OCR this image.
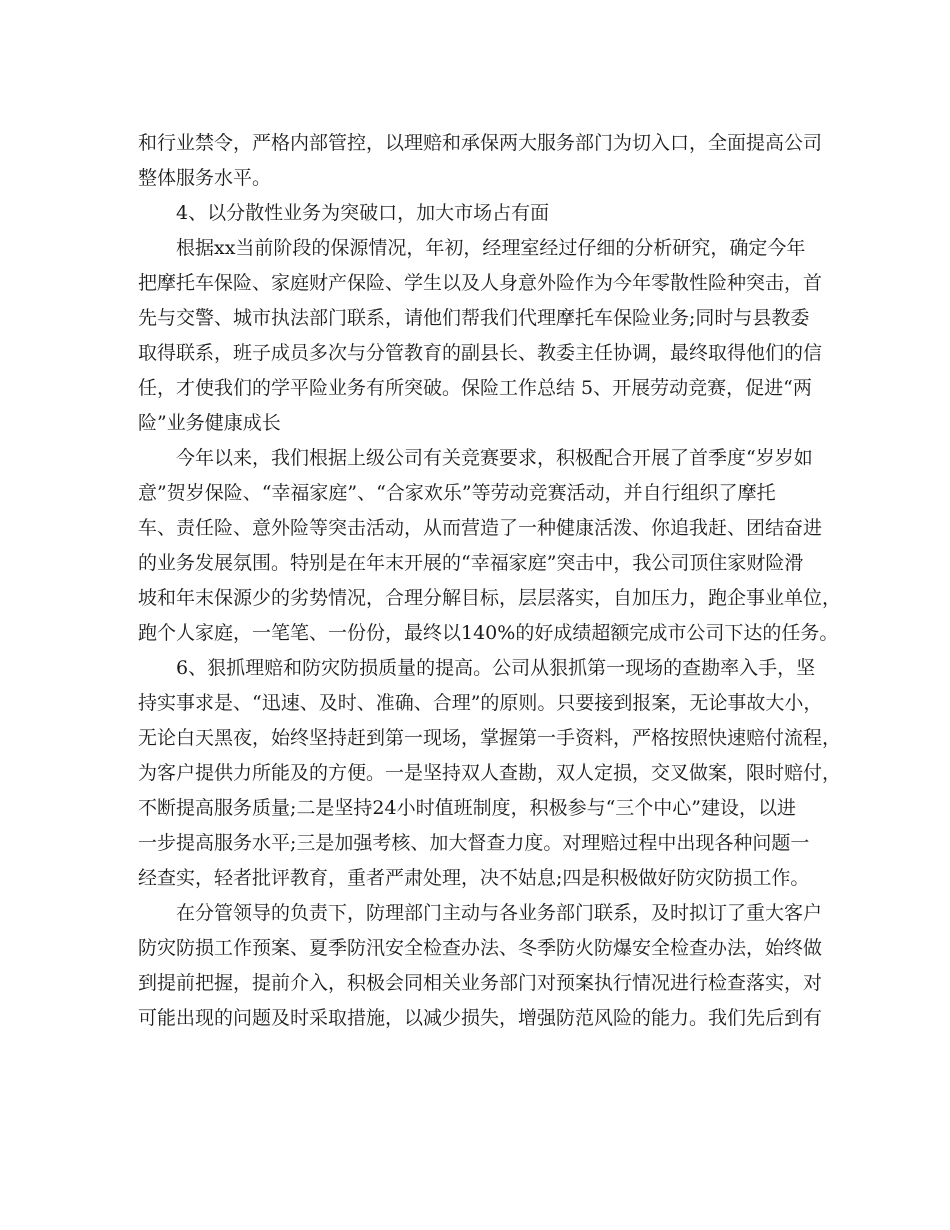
和行业禁令，严格内部管控，以理赔和承保两大服务部门为切入口，全面提高公司
整体服务水平。
4、以分散性业务为突破口，加大市场占有面
根据xx当前阶段的保源情况，年初，经理室经过仔细的分析研究，确定今年
把摩托车保险、家庭财产保险、学生以及人身意外险作为今年零散性险种突击，首
先与交警、城市执法部门联系，请他们帮我们代理摩托车保险业务;同时与县教委
取得联系，班子成员多次与分管教育的副县长、教委主任协调，最终取得他们的信
任，才使我们的学平险业务有所突破。保险工作总结 5、开展劳动竞赛，促进“两
险”业务健康成长
今年以来，我们根据上级公司有关竞赛要求，积极配合开展了首季度“岁岁如
意”贺岁保险、“幸福家庭”、“合家欢乐”等劳动竞赛活动，并自行组织了摩托
车、责任险、意外险等突击活动，从而营造了一种健康活泼、你追我赶、团结奋进
的业务发展氛围。特别是在年末开展的“幸福家庭”突击中，我公司顶住家财险滑
坡和年末保源少的劣势情况，合理分解目标，层层落实，自加压力，跑企事业单位，
跑个人家庭，一笔笔、一份份，最终以140%的好成绩超额完成市公司下达的任务。
6、狠抓理赔和防灾防损质量的提高。公司从狠抓第一现场的查勘率入手，坚
持实事求是、“迅速、及时、准确、合理”的原则。只要接到报案，无论事故大小，
无论白天黑夜，始终坚持赶到第一现场，掌握第一手资料，严格按照快速赔付流程，
为客户提供力所能及的方便。一是坚持双人查勘，双人定损，交叉做案，限时赔付，
不断提高服务质量;二是坚持24小时值班制度，积极参与“三个中心”建设，以进
一步提高服务水平;三是加强考核、加大督查力度。对理赔过程中出现各种问题一
经查实，轻者批评教育，重者严肃处理，决不姑息;四是积极做好防灾防损工作。
在分管领导的负责下，防理部门主动与各业务部门联系，及时拟订了重大客户
防灾防损工作预案、夏季防汛安全检查办法、冬季防火防爆安全检查办法，始终做
到提前把握，提前介入，积极会同相关业务部门对预案执行情况进行检查落实，对
可能出现的问题及时采取措施，以减少损失，增强防范风险的能力。我们先后到有
